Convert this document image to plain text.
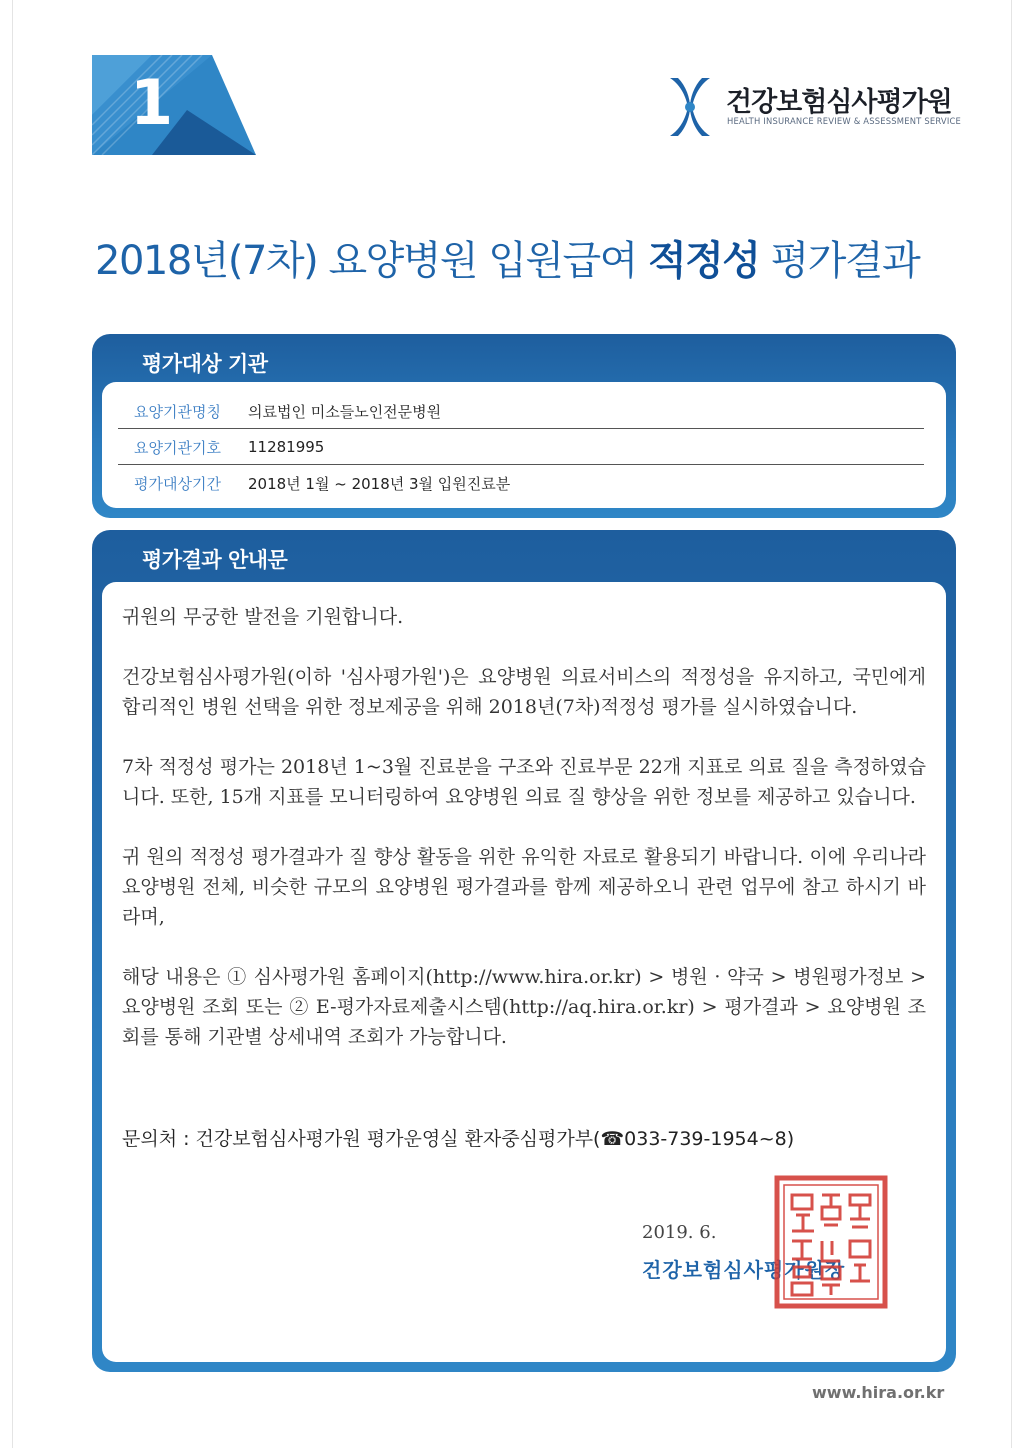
1	건강보험심사평가원
HEALTH INSURANCE REVIEW & ASSESSMENT SERVICE
2018년(7차) 요양병원 입원급여 적정성 평가결과
평가대상 기관
요양기관명칭	의료법인 미소들노인전문병원
요양기관기호	11281995
평가대상기간	2018년 1월 ~ 2018년 3월 입원진료분
평가결과 안내문

귀원의 무궁한 발전을 기원합니다.

건강보험심사평가원(이하 '심사평가원')은 요양병원 의료서비스의 적정성을 유지하고, 국민에게 합리적인 병원 선택을 위한 정보제공을 위해 2018년(7차)적정성 평가를 실시하였습니다.

7차 적정성 평가는 2018년 1~3월 진료분을 구조와 진료부문 22개 지표로 의료 질을 측정하였습니다. 또한, 15개 지표를 모니터링하여 요양병원 의료 질 향상을 위한 정보를 제공하고 있습니다.

귀 원의 적정성 평가결과가 질 향상 활동을 위한 유익한 자료로 활용되기 바랍니다. 이에 우리나라 요양병원 전체, 비슷한 규모의 요양병원 평가결과를 함께 제공하오니 관련 업무에 참고 하시기 바라며,

해당 내용은 ① 심사평가원 홈페이지(http://www.hira.or.kr) > 병원 · 약국 > 병원평가정보 > 요양병원 조회 또는 ② E-평가자료제출시스템(http://aq.hira.or.kr) > 평가결과 > 요양병원 조회를 통해 기관별 상세내역 조회가 가능합니다.

문의처 : 건강보험심사평가원 평가운영실 환자중심평가부(☎033-739-1954~8)
2019. 6.
건강보험심사평가원장
www.hira.or.kr
